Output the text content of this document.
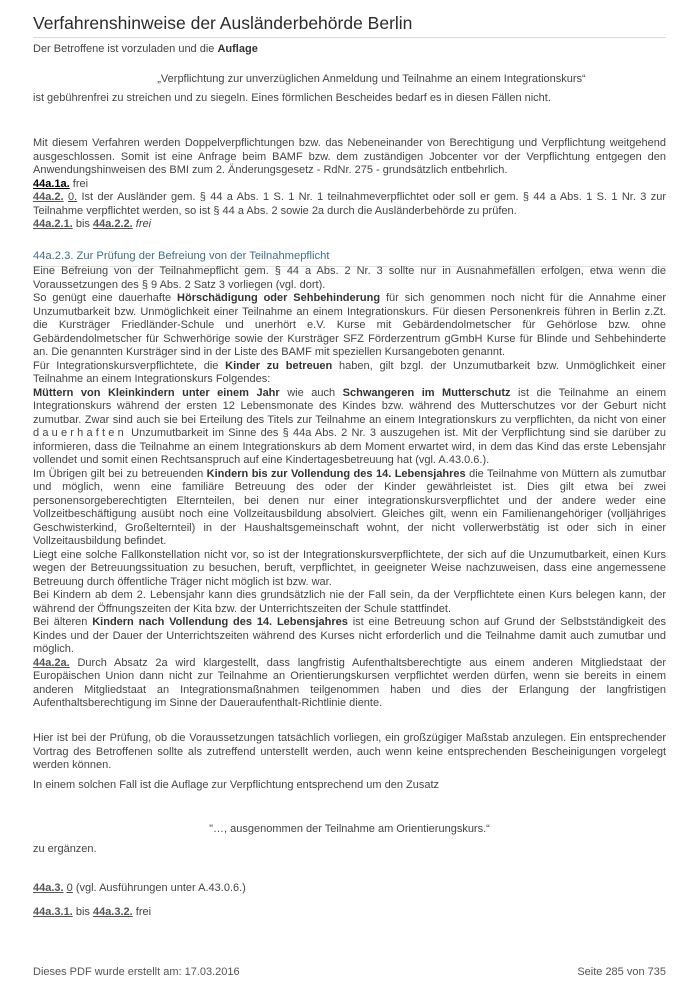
Verfahrenshinweise der Ausländerbehörde Berlin
Der Betroffene ist vorzuladen und die Auflage
„Verpflichtung zur unverzüglichen Anmeldung und Teilnahme an einem Integrationskurs“
ist gebührenfrei zu streichen und zu siegeln. Eines förmlichen Bescheides bedarf es in diesen Fällen nicht.
Mit diesem Verfahren werden Doppelverpflichtungen bzw. das Nebeneinander von Berechtigung und Verpflichtung weitgehend ausgeschlossen. Somit ist eine Anfrage beim BAMF bzw. dem zuständigen Jobcenter vor der Verpflichtung entgegen den Anwendungshinweisen des BMI zum 2. Änderungsgesetz - RdNr. 275 - grundsätzlich entbehrlich.
44a.1a. frei
44a.2. 0. Ist der Ausländer gem. § 44 a Abs. 1 S. 1 Nr. 1 teilnahmeverpflichtet oder soll er gem. § 44 a Abs. 1 S. 1 Nr. 3 zur Teilnahme verpflichtet werden, so ist § 44 a Abs. 2 sowie 2a durch die Ausländerbehörde zu prüfen.
44a.2.1. bis 44a.2.2. frei
44a.2.3. Zur Prüfung der Befreiung von der Teilnahmepflicht
Eine Befreiung von der Teilnahmepflicht gem. § 44 a Abs. 2 Nr. 3 sollte nur in Ausnahmefällen erfolgen, etwa wenn die Voraussetzungen des § 9 Abs. 2 Satz 3 vorliegen (vgl. dort).
So genügt eine dauerhafte Hörschädigung oder Sehbehinderung für sich genommen noch nicht für die Annahme einer Unzumutbarkeit bzw. Unmöglichkeit einer Teilnahme an einem Integrationskurs. Für diesen Personenkreis führen in Berlin z.Zt. die Kursträger Friedländer-Schule und unerhört e.V. Kurse mit Gebärdendolmetscher für Gehörlose bzw. ohne Gebärdendolmetscher für Schwerhörige sowie der Kursträger SFZ Förderzentrum gGmbH Kurse für Blinde und Sehbehinderte an. Die genannten Kursträger sind in der Liste des BAMF mit speziellen Kursangeboten genannt.
Für Integrationskursverpflichtete, die Kinder zu betreuen haben, gilt bzgl. der Unzumutbarkeit bzw. Unmöglichkeit einer Teilnahme an einem Integrationskurs Folgendes:
Müttern von Kleinkindern unter einem Jahr wie auch Schwangeren im Mutterschutz ist die Teilnahme an einem Integrationskurs während der ersten 12 Lebensmonate des Kindes bzw. während des Mutterschutzes vor der Geburt nicht zumutbar. Zwar sind auch sie bei Erteilung des Titels zur Teilnahme an einem Integrationskurs zu verpflichten, da nicht von einer dauerhaften Unzumutbarkeit im Sinne des § 44a Abs. 2 Nr. 3 auszugehen ist. Mit der Verpflichtung sind sie darüber zu informieren, dass die Teilnahme an einem Integrationskurs ab dem Moment erwartet wird, in dem das Kind das erste Lebensjahr vollendet und somit einen Rechtsanspruch auf eine Kindertagesbetreuung hat (vgl. A.43.0.6.).
Im Übrigen gilt bei zu betreuenden Kindern bis zur Vollendung des 14. Lebensjahres die Teilnahme von Müttern als zumutbar und möglich, wenn eine familiäre Betreuung des oder der Kinder gewährleistet ist. Dies gilt etwa bei zwei personensorgeberechtigten Elternteilen, bei denen nur einer integrationskursverpflichtet und der andere weder eine Vollzeitbeschäftigung ausübt noch eine Vollzeitausbildung absolviert. Gleiches gilt, wenn ein Familienangehöriger (volljähriges Geschwisterkind, Großelternteil) in der Haushaltsgemeinschaft wohnt, der nicht vollerwerbstätig ist oder sich in einer Vollzeitausbildung befindet.
Liegt eine solche Fallkonstellation nicht vor, so ist der Integrationskursverpflichtete, der sich auf die Unzumutbarkeit, einen Kurs wegen der Betreuungssituation zu besuchen, beruft, verpflichtet, in geeigneter Weise nachzuweisen, dass eine angemessene Betreuung durch öffentliche Träger nicht möglich ist bzw. war.
Bei Kindern ab dem 2. Lebensjahr kann dies grundsätzlich nie der Fall sein, da der Verpflichtete einen Kurs belegen kann, der während der Öffnungszeiten der Kita bzw. der Unterrichtszeiten der Schule stattfindet.
Bei älteren Kindern nach Vollendung des 14. Lebensjahres ist eine Betreuung schon auf Grund der Selbstständigkeit des Kindes und der Dauer der Unterrichtszeiten während des Kurses nicht erforderlich und die Teilnahme damit auch zumutbar und möglich.
44a.2a. Durch Absatz 2a wird klargestellt, dass langfristig Aufenthaltsberechtigte aus einem anderen Mitgliedstaat der Europäischen Union dann nicht zur Teilnahme an Orientierungskursen verpflichtet werden dürfen, wenn sie bereits in einem anderen Mitgliedstaat an Integrationsmaßnahmen teilgenommen haben und dies der Erlangung der langfristigen Aufenthaltsberechtigung im Sinne der Daueraufenthalt-Richtlinie diente.
Hier ist bei der Prüfung, ob die Voraussetzungen tatsächlich vorliegen, ein großzügiger Maßstab anzulegen. Ein entsprechender Vortrag des Betroffenen sollte als zutreffend unterstellt werden, auch wenn keine entsprechenden Bescheinigungen vorgelegt werden können.
In einem solchen Fall ist die Auflage zur Verpflichtung entsprechend um den Zusatz
"…, ausgenommen der Teilnahme am Orientierungskurs.“
zu ergänzen.
44a.3. 0 (vgl. Ausführungen unter A.43.0.6.)
44a.3.1. bis 44a.3.2. frei
Dieses PDF wurde erstellt am: 17.03.2016	Seite 285 von 735
